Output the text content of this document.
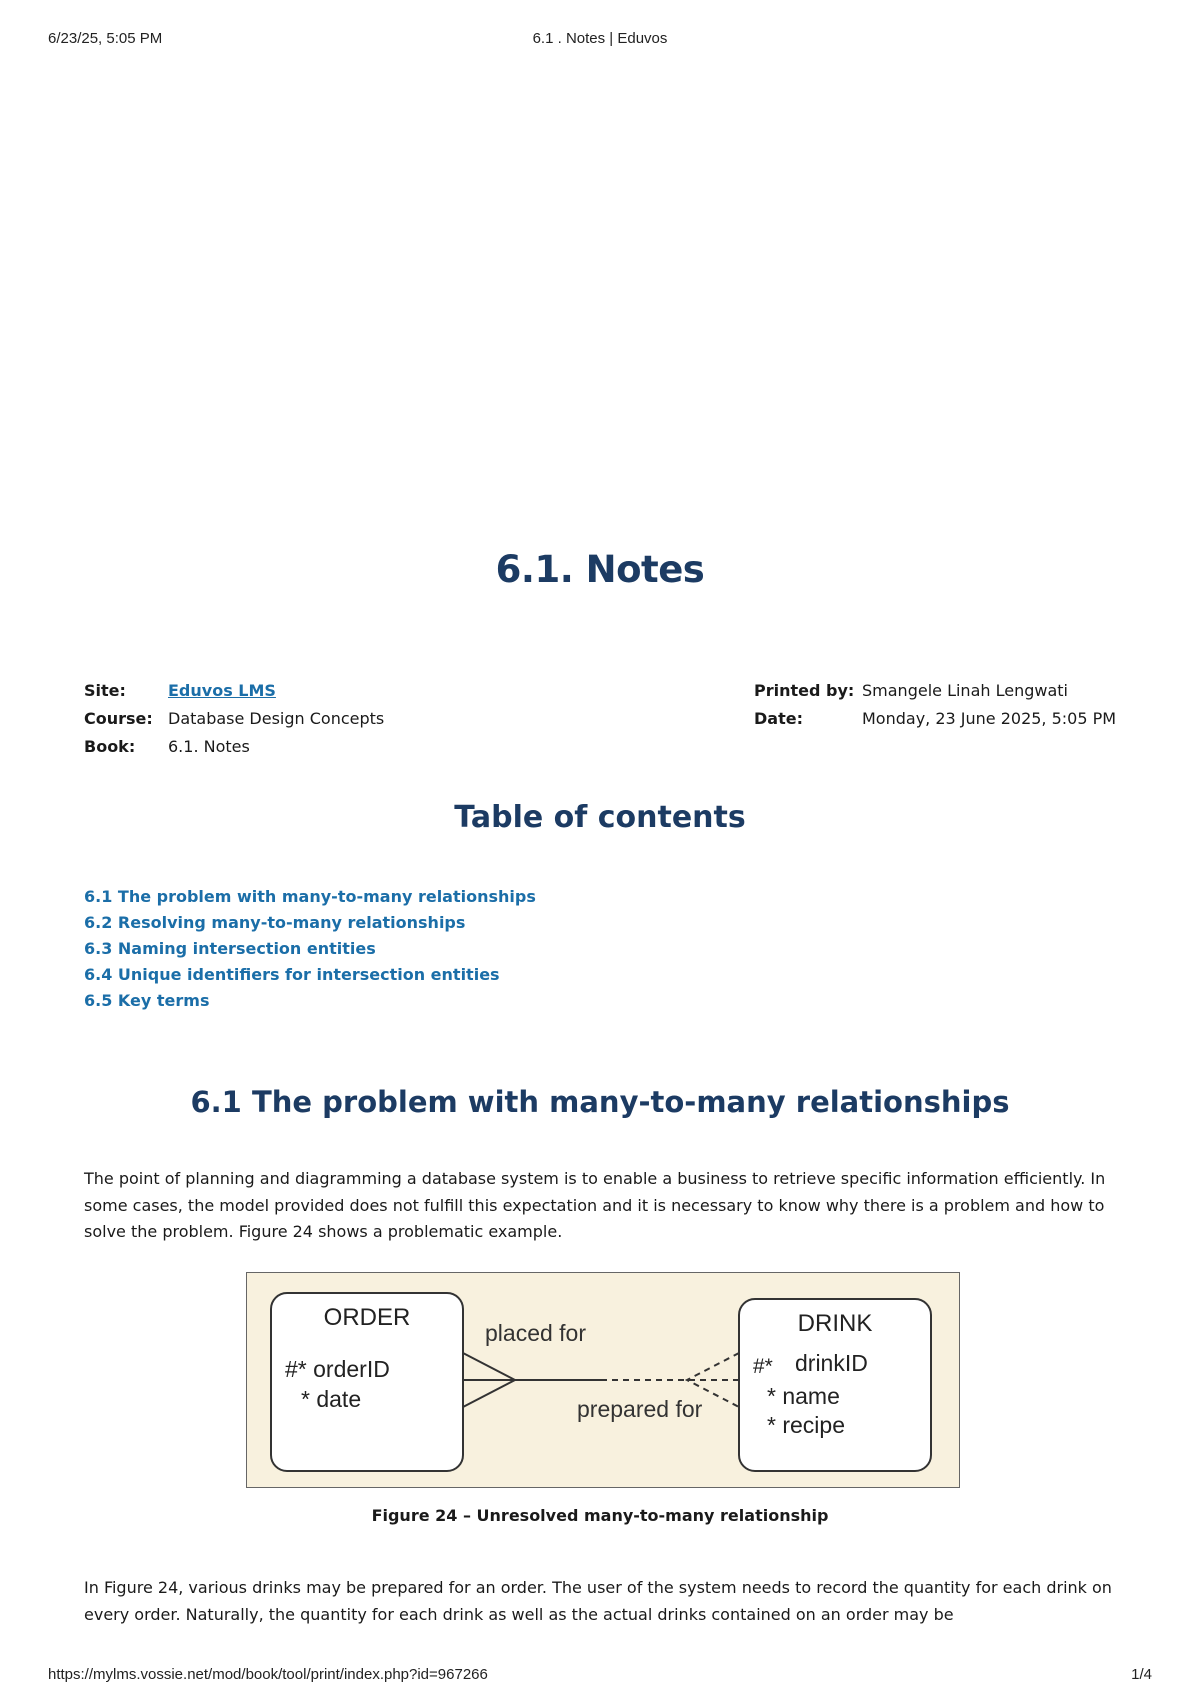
6/23/25, 5:05 PM	6.1 . Notes | Eduvos
6.1. Notes
Site:	Eduvos LMS
Course: Database Design Concepts
Book: 6.1. Notes
Printed by: Smangele Linah Lengwati
Date:	Monday, 23 June 2025, 5:05 PM
Table of contents
6.1 The problem with many-to-many relationships
6.2 Resolving many-to-many relationships
6.3 Naming intersection entities
6.4 Unique identifiers for intersection entities
6.5 Key terms
6.1 The problem with many-to-many relationships

The point of planning and diagramming a database system is to enable a business to retrieve specific information efficiently. In some cases, the model provided does not fulfill this expectation and it is necessary to know why there is a problem and how to solve the problem. Figure 24 shows a problematic example.

ORDER
#* orderID
* date
DRINK
#* drinkID
* name
* recipe
placed for
prepared for
Figure 24 – Unresolved many-to-many relationship

In Figure 24, various drinks may be prepared for an order. The user of the system needs to record the quantity for each drink on every order. Naturally, the quantity for each drink as well as the actual drinks contained on an order may be

https://mylms.vossie.net/mod/book/tool/print/index.php?id=967266	1/4
